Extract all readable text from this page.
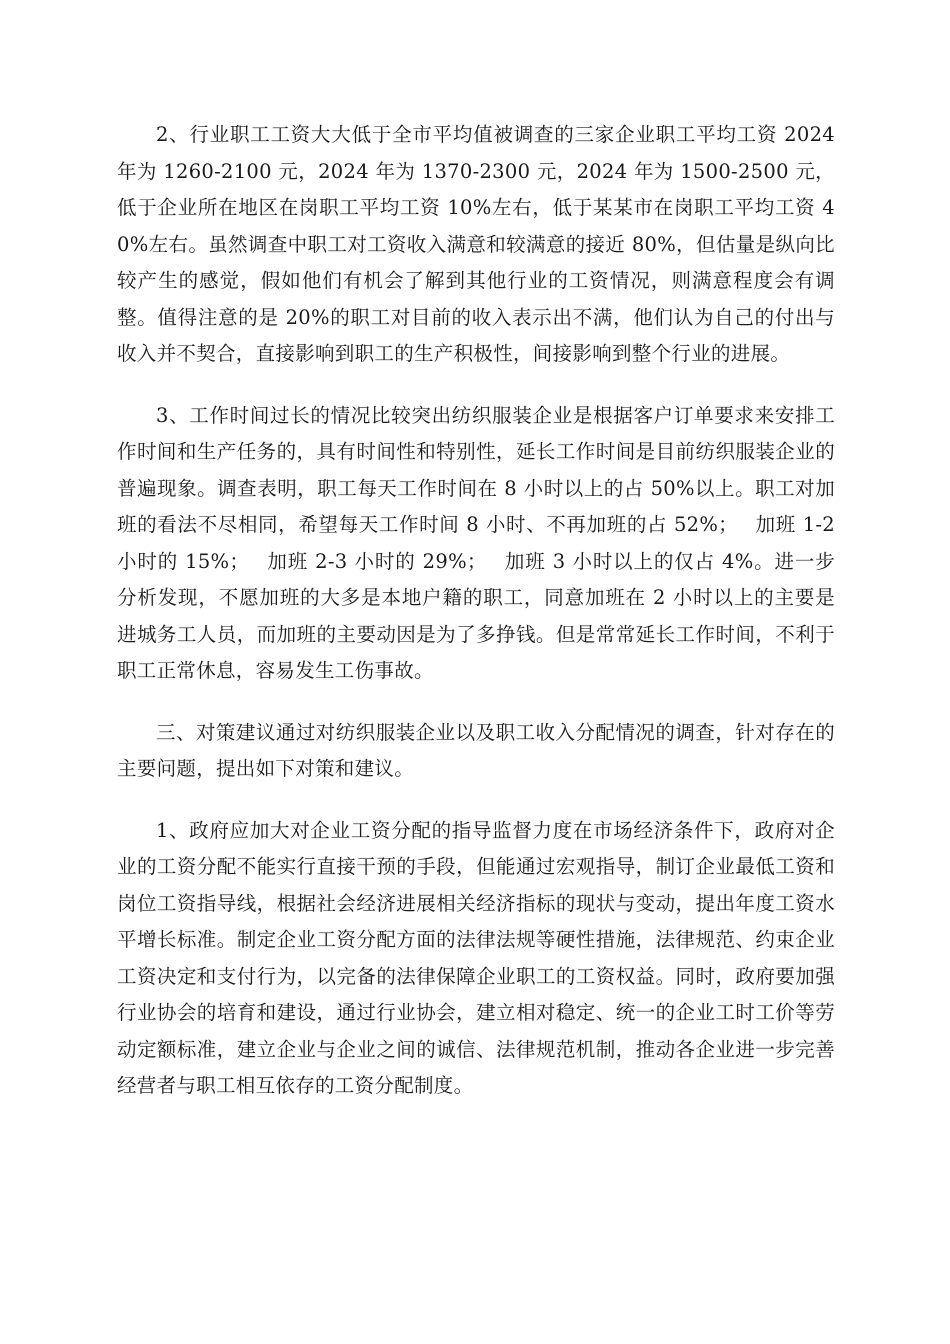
2、行业职工工资大大低于全市平均值被调查的三家企业职工平均工资 2024 年为 1260-2100 元，2024 年为 1370-2300 元，2024 年为 1500-2500 元，低于企业所在地区在岗职工平均工资 10%左右，低于某某市在岗职工平均工资 40%左右。虽然调查中职工对工资收入满意和较满意的接近 80%，但估量是纵向比较产生的感觉，假如他们有机会了解到其他行业的工资情况，则满意程度会有调整。值得注意的是 20%的职工对目前的收入表示出不满，他们认为自己的付出与收入并不契合，直接影响到职工的生产积极性，间接影响到整个行业的进展。

3、工作时间过长的情况比较突出纺织服装企业是根据客户订单要求来安排工作时间和生产任务的，具有时间性和特别性，延长工作时间是目前纺织服装企业的普遍现象。调查表明，职工每天工作时间在 8 小时以上的占 50%以上。职工对加班的看法不尽相同，希望每天工作时间 8 小时、不再加班的占 52%；　 加班 1-2 小时的 15%；　 加班 2-3 小时的 29%；　 加班 3 小时以上的仅占 4%。进一步分析发现，不愿加班的大多是本地户籍的职工，同意加班在 2 小时以上的主要是进城务工人员，而加班的主要动因是为了多挣钱。但是常常延长工作时间，不利于职工正常休息，容易发生工伤事故。

三、对策建议通过对纺织服装企业以及职工收入分配情况的调查，针对存在的主要问题，提出如下对策和建议。

1、政府应加大对企业工资分配的指导监督力度在市场经济条件下，政府对企业的工资分配不能实行直接干预的手段，但能通过宏观指导，制订企业最低工资和岗位工资指导线，根据社会经济进展相关经济指标的现状与变动，提出年度工资水平增长标准。制定企业工资分配方面的法律法规等硬性措施，法律规范、约束企业工资决定和支付行为，以完备的法律保障企业职工的工资权益。同时，政府要加强行业协会的培育和建设，通过行业协会，建立相对稳定、统一的企业工时工价等劳动定额标准，建立企业与企业之间的诚信、法律规范机制，推动各企业进一步完善经营者与职工相互依存的工资分配制度。
